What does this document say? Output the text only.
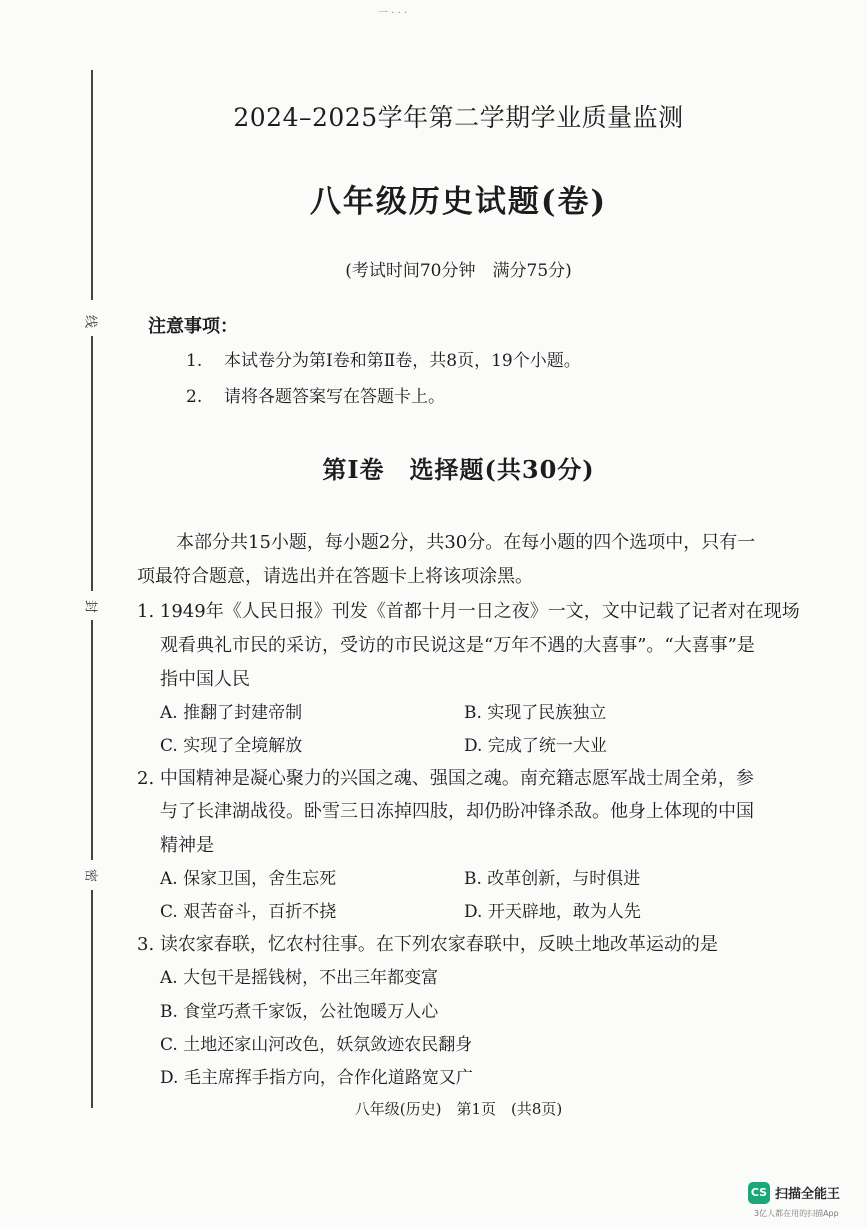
一 · · ·
线
封
密
2024–2025学年第二学期学业质量监测
八年级历史试题(卷)
(考试时间70分钟　满分75分)
注意事项：
1. 本试卷分为第Ⅰ卷和第Ⅱ卷，共8页，19个小题。
2. 请将各题答案写在答题卡上。
第Ⅰ卷　选择题(共30分)
本部分共15小题，每小题2分，共30分。在每小题的四个选项中，只有一
项最符合题意，请选出并在答题卡上将该项涂黑。
1. 1949年《人民日报》刊发《首都十月一日之夜》一文，文中记载了记者对在现场
观看典礼市民的采访，受访的市民说这是“万年不遇的大喜事”。“大喜事”是
指中国人民
A. 推翻了封建帝制	B. 实现了民族独立
C. 实现了全境解放	D. 完成了统一大业
2. 中国精神是凝心聚力的兴国之魂、强国之魂。南充籍志愿军战士周全弟，参
与了长津湖战役。卧雪三日冻掉四肢，却仍盼冲锋杀敌。他身上体现的中国
精神是
A. 保家卫国，舍生忘死	B. 改革创新，与时俱进
C. 艰苦奋斗，百折不挠	D. 开天辟地，敢为人先
3. 读农家春联，忆农村往事。在下列农家春联中，反映土地改革运动的是
A. 大包干是摇钱树，不出三年都变富
B. 食堂巧煮千家饭，公社饱暖万人心
C. 土地还家山河改色，妖氛敛迹农民翻身
D. 毛主席挥手指方向，合作化道路宽又广
八年级(历史)　第1页　(共8页)
CS 扫描全能王
3亿人都在用的扫描App
